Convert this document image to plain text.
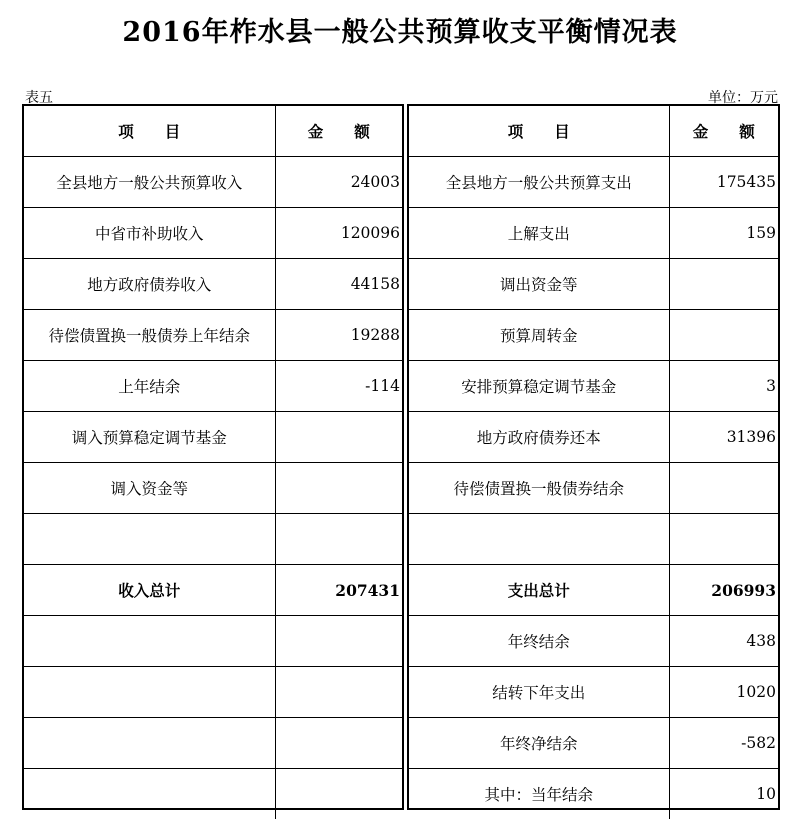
2016年柞水县一般公共预算收支平衡情况表
表五	单位：万元
项　　目	金　　额
全县地方一般公共预算收入	24003
中省市补助收入	120096
地方政府债券收入	44158
待偿债置换一般债券上年结余	19288
上年结余	-114
调入预算稳定调节基金	
调入资金等	

收入总计	207431

项　　目	金　　额
全县地方一般公共预算支出	175435
上解支出	159
调出资金等	
预算周转金	
安排预算稳定调节基金	3
地方政府债券还本	31396
待偿债置换一般债券结余	

支出总计	206993
年终结余	438
结转下年支出	1020
年终净结余	-582
其中：当年结余	10
